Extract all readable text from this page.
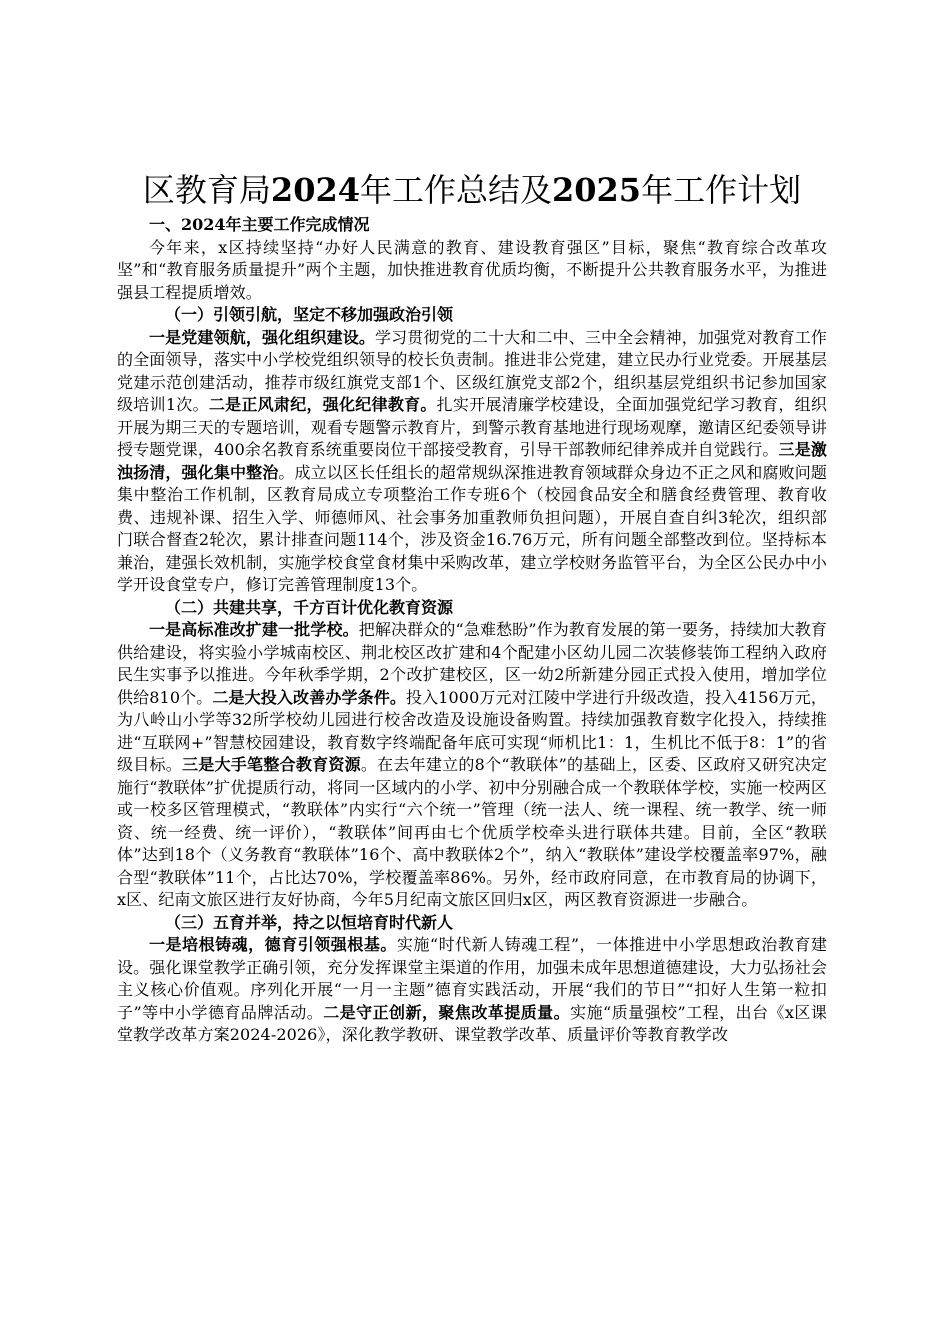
区教育局2024年工作总结及2025年工作计划

一、2024年主要工作完成情况

今年来，x区持续坚持“办好人民满意的教育、建设教育强区”目标，聚焦“教育综合改革攻坚”和“教育服务质量提升”两个主题，加快推进教育优质均衡，不断提升公共教育服务水平，为推进强县工程提质增效。

（一）引领引航，坚定不移加强政治引领

一是党建领航，强化组织建设。学习贯彻党的二十大和二中、三中全会精神，加强党对教育工作的全面领导，落实中小学校党组织领导的校长负责制。推进非公党建，建立民办行业党委。开展基层党建示范创建活动，推荐市级红旗党支部1个、区级红旗党支部2个，组织基层党组织书记参加国家级培训1次。二是正风肃纪，强化纪律教育。扎实开展清廉学校建设，全面加强党纪学习教育，组织开展为期三天的专题培训，观看专题警示教育片，到警示教育基地进行现场观摩，邀请区纪委领导讲授专题党课，400余名教育系统重要岗位干部接受教育，引导干部教师纪律养成并自觉践行。三是激浊扬清，强化集中整治。成立以区长任组长的超常规纵深推进教育领域群众身边不正之风和腐败问题集中整治工作机制，区教育局成立专项整治工作专班6个（校园食品安全和膳食经费管理、教育收费、违规补课、招生入学、师德师风、社会事务加重教师负担问题），开展自查自纠3轮次，组织部门联合督查2轮次，累计排查问题114个，涉及资金16.76万元，所有问题全部整改到位。坚持标本兼治，建强长效机制，实施学校食堂食材集中采购改革，建立学校财务监管平台，为全区公民办中小学开设食堂专户，修订完善管理制度13个。

（二）共建共享，千方百计优化教育资源

一是高标准改扩建一批学校。把解决群众的“急难愁盼”作为教育发展的第一要务，持续加大教育供给建设，将实验小学城南校区、荆北校区改扩建和4个配建小区幼儿园二次装修装饰工程纳入政府民生实事予以推进。今年秋季学期，2个改扩建校区，区一幼2所新建分园正式投入使用，增加学位供给810个。二是大投入改善办学条件。投入1000万元对江陵中学进行升级改造，投入4156万元，为八岭山小学等32所学校幼儿园进行校舍改造及设施设备购置。持续加强教育数字化投入，持续推进“互联网+”智慧校园建设，教育数字终端配备年底可实现“师机比1：1，生机比不低于8：1”的省级目标。三是大手笔整合教育资源。在去年建立的8个“教联体”的基础上，区委、区政府又研究决定施行“教联体”扩优提质行动，将同一区域内的小学、初中分别融合成一个教联体学校，实施一校两区或一校多区管理模式，“教联体”内实行“六个统一”管理（统一法人、统一课程、统一教学、统一师资、统一经费、统一评价），“教联体”间再由七个优质学校牵头进行联体共建。目前，全区“教联体”达到18个（义务教育“教联体”16个、高中教联体2个”，纳入“教联体”建设学校覆盖率97%，融合型“教联体”11个，占比达70%，学校覆盖率86%。另外，经市政府同意，在市教育局的协调下，x区、纪南文旅区进行友好协商，今年5月纪南文旅区回归x区，两区教育资源进一步融合。

（三）五育并举，持之以恒培育时代新人

一是培根铸魂，德育引领强根基。实施“时代新人铸魂工程”，一体推进中小学思想政治教育建设。强化课堂教学正确引领，充分发挥课堂主渠道的作用，加强未成年思想道德建设，大力弘扬社会主义核心价值观。序列化开展“一月一主题”德育实践活动，开展“我们的节日”“扣好人生第一粒扣子”等中小学德育品牌活动。二是守正创新，聚焦改革提质量。实施“质量强校”工程，出台《x区课堂教学改革方案2024-2026》，深化教学教研、课堂教学改革、质量评价等教育教学改
